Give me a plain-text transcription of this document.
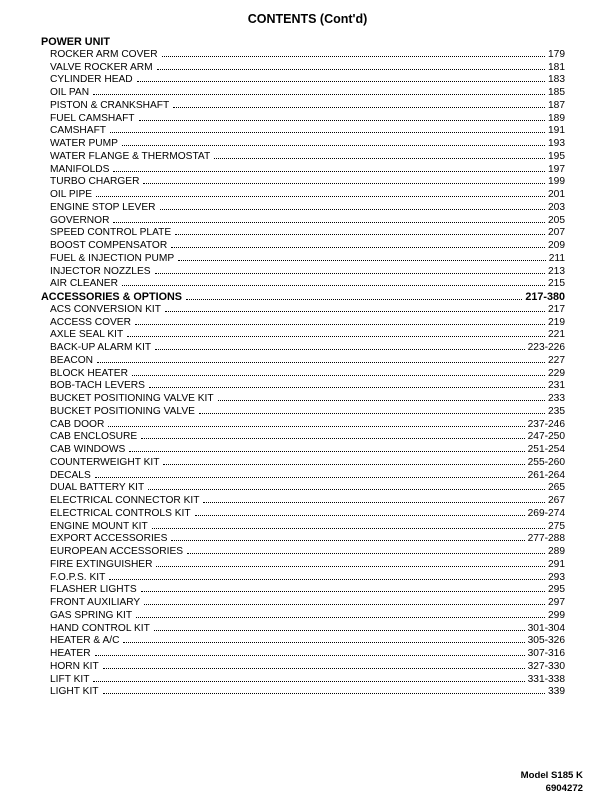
CONTENTS (Cont'd)
POWER UNIT
ROCKER ARM COVER	179
VALVE ROCKER ARM	181
CYLINDER HEAD	183
OIL PAN	185
PISTON & CRANKSHAFT	187
FUEL CAMSHAFT	189
CAMSHAFT	191
WATER PUMP	193
WATER FLANGE & THERMOSTAT	195
MANIFOLDS	197
TURBO CHARGER	199
OIL PIPE	201
ENGINE STOP LEVER	203
GOVERNOR	205
SPEED CONTROL PLATE	207
BOOST COMPENSATOR	209
FUEL & INJECTION PUMP	211
INJECTOR NOZZLES	213
AIR CLEANER	215
ACCESSORIES & OPTIONS	217-380
ACS CONVERSION KIT	217
ACCESS COVER	219
AXLE SEAL KIT	221
BACK-UP ALARM KIT	223-226
BEACON	227
BLOCK HEATER	229
BOB-TACH LEVERS	231
BUCKET POSITIONING VALVE KIT	233
BUCKET POSITIONING VALVE	235
CAB DOOR	237-246
CAB ENCLOSURE	247-250
CAB WINDOWS	251-254
COUNTERWEIGHT KIT	255-260
DECALS	261-264
DUAL BATTERY KIT	265
ELECTRICAL CONNECTOR KIT	267
ELECTRICAL CONTROLS KIT	269-274
ENGINE MOUNT KIT	275
EXPORT ACCESSORIES	277-288
EUROPEAN ACCESSORIES	289
FIRE EXTINGUISHER	291
F.O.P.S. KIT	293
FLASHER LIGHTS	295
FRONT AUXILIARY	297
GAS SPRING KIT	299
HAND CONTROL KIT	301-304
HEATER & A/C	305-326
HEATER	307-316
HORN KIT	327-330
LIFT KIT	331-338
LIGHT KIT	339
Model S185 K
6904272
